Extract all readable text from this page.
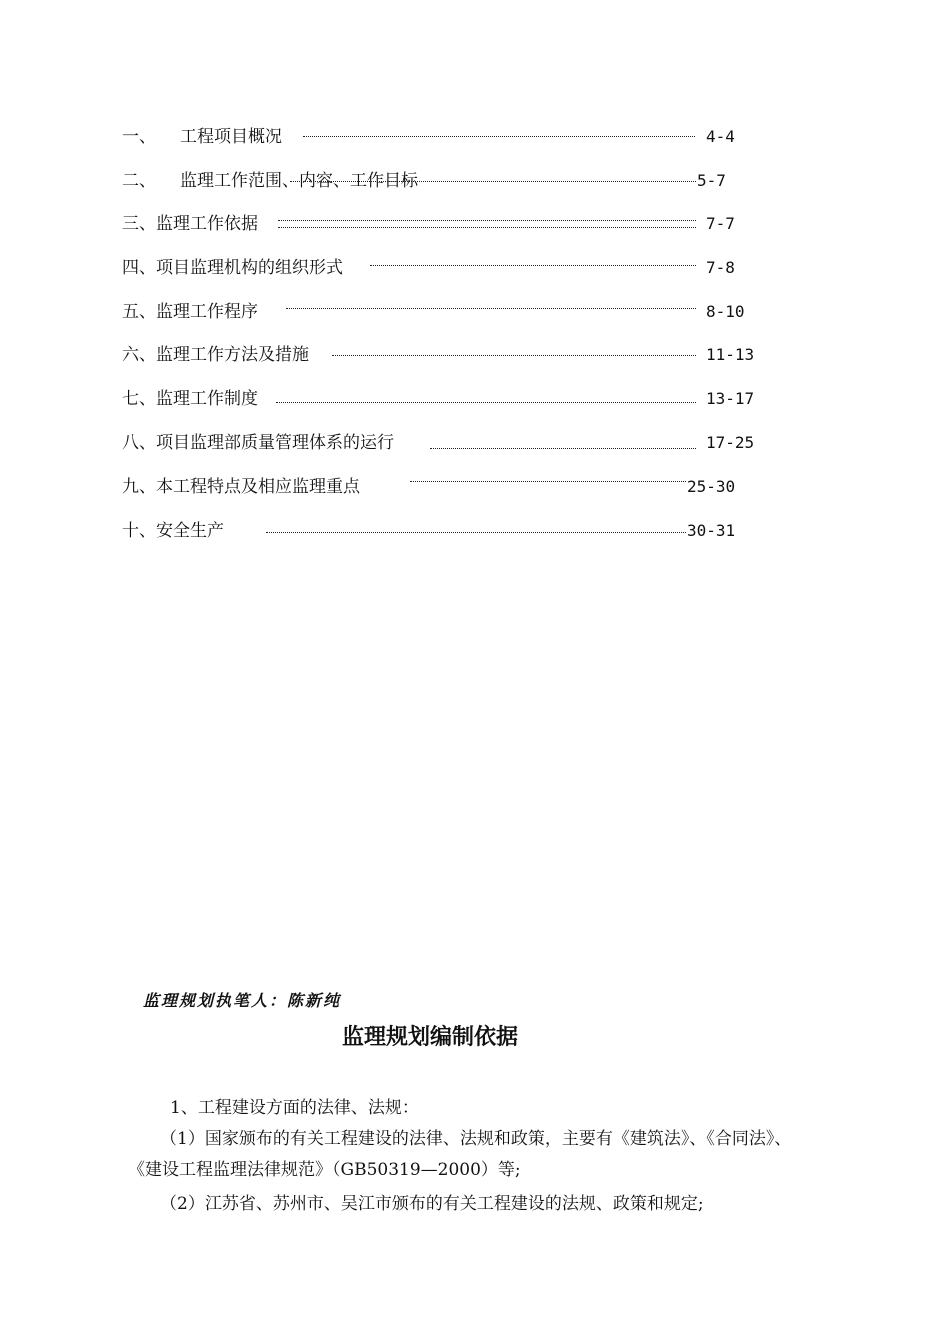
一、 工程项目概况	4-4
二、 监理工作范围、内容、工作目标	5-7
三、监理工作依据	7-7
四、项目监理机构的组织形式	7-8
五、监理工作程序	8-10
六、监理工作方法及措施	11-13
七、监理工作制度	13-17
八、项目监理部质量管理体系的运行	17-25
九、本工程特点及相应监理重点	25-30
十、安全生产	30-31
监理规划执笔人：陈新纯
监理规划编制依据
1、工程建设方面的法律、法规：
（1）国家颁布的有关工程建设的法律、法规和政策，主要有《建筑法》、《合同法》、
《建设工程监理法律规范》（GB50319—2000）等;
（2）江苏省、苏州市、吴江市颁布的有关工程建设的法规、政策和规定;
